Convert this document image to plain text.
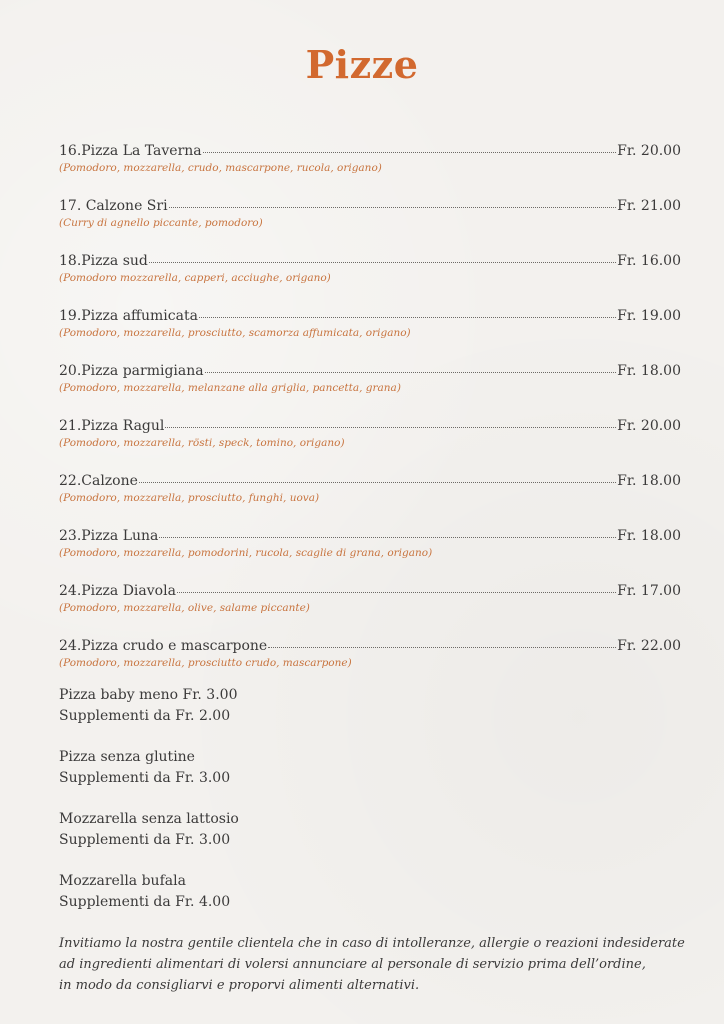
Pizze
16.Pizza La Taverna	Fr. 20.00
(Pomodoro, mozzarella, crudo, mascarpone, rucola, origano)
17. Calzone Sri	Fr. 21.00
(Curry di agnello piccante, pomodoro)
18.Pizza sud	Fr. 16.00
(Pomodoro mozzarella, capperi, acciughe, origano)
19.Pizza affumicata	Fr. 19.00
(Pomodoro, mozzarella, prosciutto, scamorza affumicata, origano)
20.Pizza parmigiana	Fr. 18.00
(Pomodoro, mozzarella, melanzane alla griglia, pancetta, grana)
21.Pizza Ragul	Fr. 20.00
(Pomodoro, mozzarella, rösti, speck, tomino, origano)
22.Calzone	Fr. 18.00
(Pomodoro, mozzarella, prosciutto, funghi, uova)
23.Pizza Luna	Fr. 18.00
(Pomodoro, mozzarella, pomodorini, rucola, scaglie di grana, origano)
24.Pizza Diavola	Fr. 17.00
(Pomodoro, mozzarella, olive, salame piccante)
24.Pizza crudo e mascarpone	Fr. 22.00
(Pomodoro, mozzarella, prosciutto crudo, mascarpone)
Pizza baby meno Fr. 3.00
Supplementi da Fr. 2.00
Pizza senza glutine
Supplementi da Fr. 3.00
Mozzarella senza lattosio
Supplementi da Fr. 3.00
Mozzarella bufala
Supplementi da Fr. 4.00
Invitiamo la nostra gentile clientela che in caso di intolleranze, allergie o reazioni indesiderate
ad ingredienti alimentari di volersi annunciare al personale di servizio prima dell’ordine,
in modo da consigliarvi e proporvi alimenti alternativi.
